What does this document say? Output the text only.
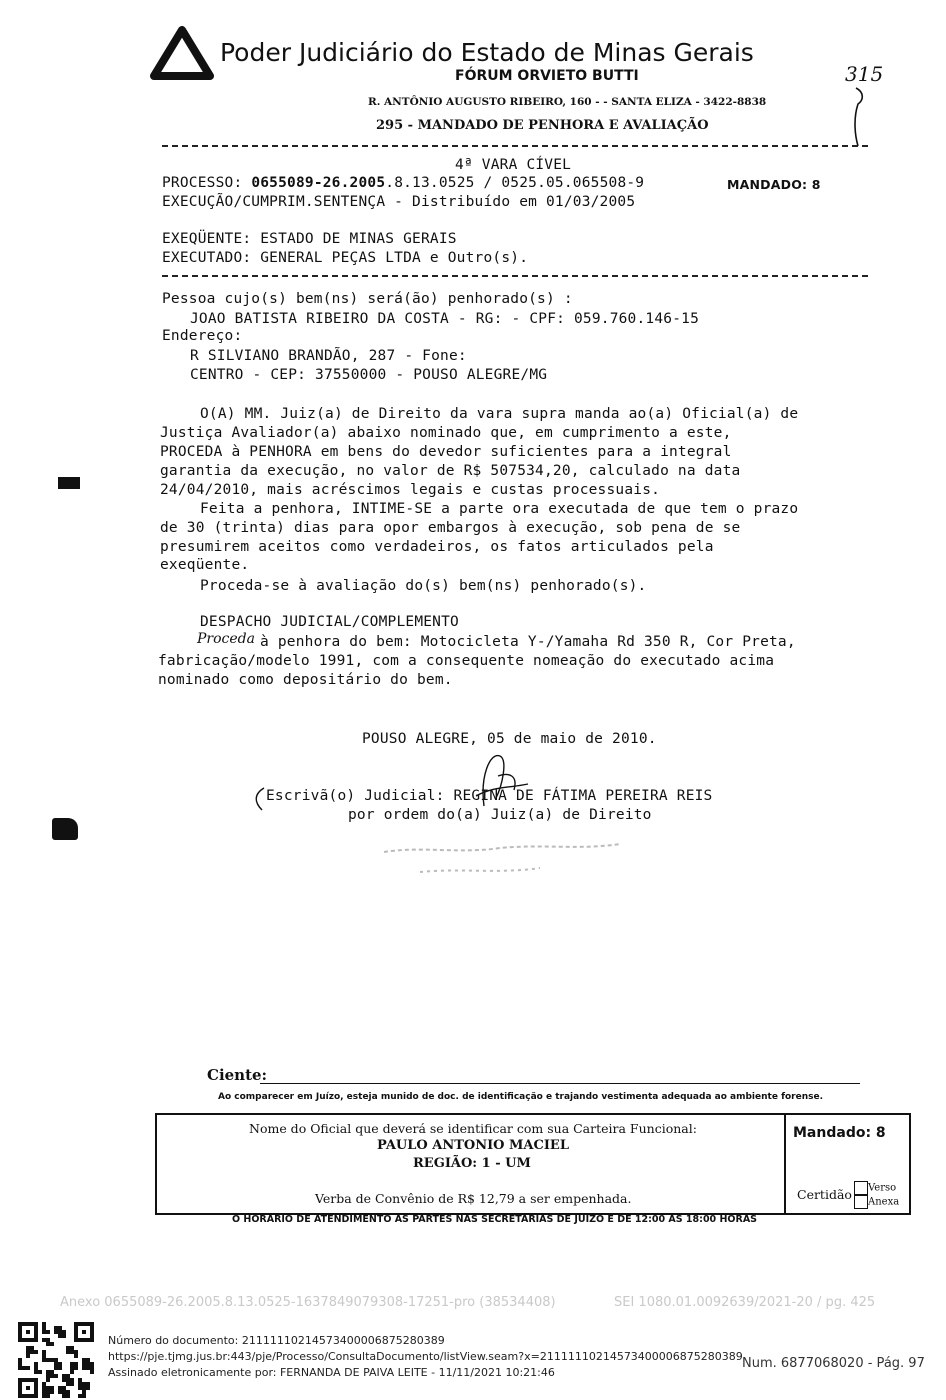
Poder Judiciário do Estado de Minas Gerais
FÓRUM ORVIETO BUTTI
R. ANTÔNIO AUGUSTO RIBEIRO, 160 - - SANTA ELIZA - 3422-8838
295 - MANDADO DE PENHORA E AVALIAÇÃO
315
4ª VARA CÍVEL
PROCESSO: 0655089-26.2005.8.13.0525 / 0525.05.065508-9	MANDADO: 8
EXECUÇÃO/CUMPRIM.SENTENÇA - Distribuído em 01/03/2005
EXEQÜENTE: ESTADO DE MINAS GERAIS
EXECUTADO: GENERAL PEÇAS LTDA e Outro(s).
Pessoa cujo(s) bem(ns) será(ão) penhorado(s) :
JOAO BATISTA RIBEIRO DA COSTA - RG: - CPF: 059.760.146-15
Endereço:
R SILVIANO BRANDÃO, 287 - Fone:
CENTRO - CEP: 37550000 - POUSO ALEGRE/MG
O(A) MM. Juiz(a) de Direito da vara supra manda ao(a) Oficial(a) de
Justiça Avaliador(a) abaixo nominado que, em cumprimento a este,
PROCEDA à PENHORA em bens do devedor suficientes para a integral
garantia da execução, no valor de R$ 507534,20, calculado na data
24/04/2010, mais acréscimos legais e custas processuais.
Feita a penhora, INTIME-SE a parte ora executada de que tem o prazo
de 30 (trinta) dias para opor embargos à execução, sob pena de se
presumirem aceitos como verdadeiros, os fatos articulados pela
exeqüente.
Proceda-se à avaliação do(s) bem(ns) penhorado(s).
DESPACHO JUDICIAL/COMPLEMENTO
Proceda à penhora do bem: Motocicleta Y-/Yamaha Rd 350 R, Cor Preta,
fabricação/modelo 1991, com a consequente nomeação do executado acima
nominado como depositário do bem.
POUSO ALEGRE, 05 de maio de 2010.
Escrivã(o) Judicial: REGINA DE FÁTIMA PEREIRA REIS
por ordem do(a) Juiz(a) de Direito
Ciente:
Ao comparecer em Juízo, esteja munido de doc. de identificação e trajando vestimenta adequada ao ambiente forense.
Nome do Oficial que deverá se identificar com sua Carteira Funcional:
PAULO ANTONIO MACIEL
REGIÃO: 1 - UM
Verba de Convênio de R$ 12,79 a ser empenhada.
Mandado: 8
Certidão	Verso
Anexa
O HORÁRIO DE ATENDIMENTO ÀS PARTES NAS SECRETARIAS DE JUÍZO É DE 12:00 ÀS 18:00 HORAS
Anexo 0655089-26.2005.8.13.0525-1637849079308-17251-pro (38534408)	SEI 1080.01.0092639/2021-20 / pg. 425
Número do documento: 21111110214573400006875280389
https://pje.tjmg.jus.br:443/pje/Processo/ConsultaDocumento/listView.seam?x=21111110214573400006875280389
Assinado eletronicamente por: FERNANDA DE PAIVA LEITE - 11/11/2021 10:21:46
Num. 6877068020 - Pág. 97
